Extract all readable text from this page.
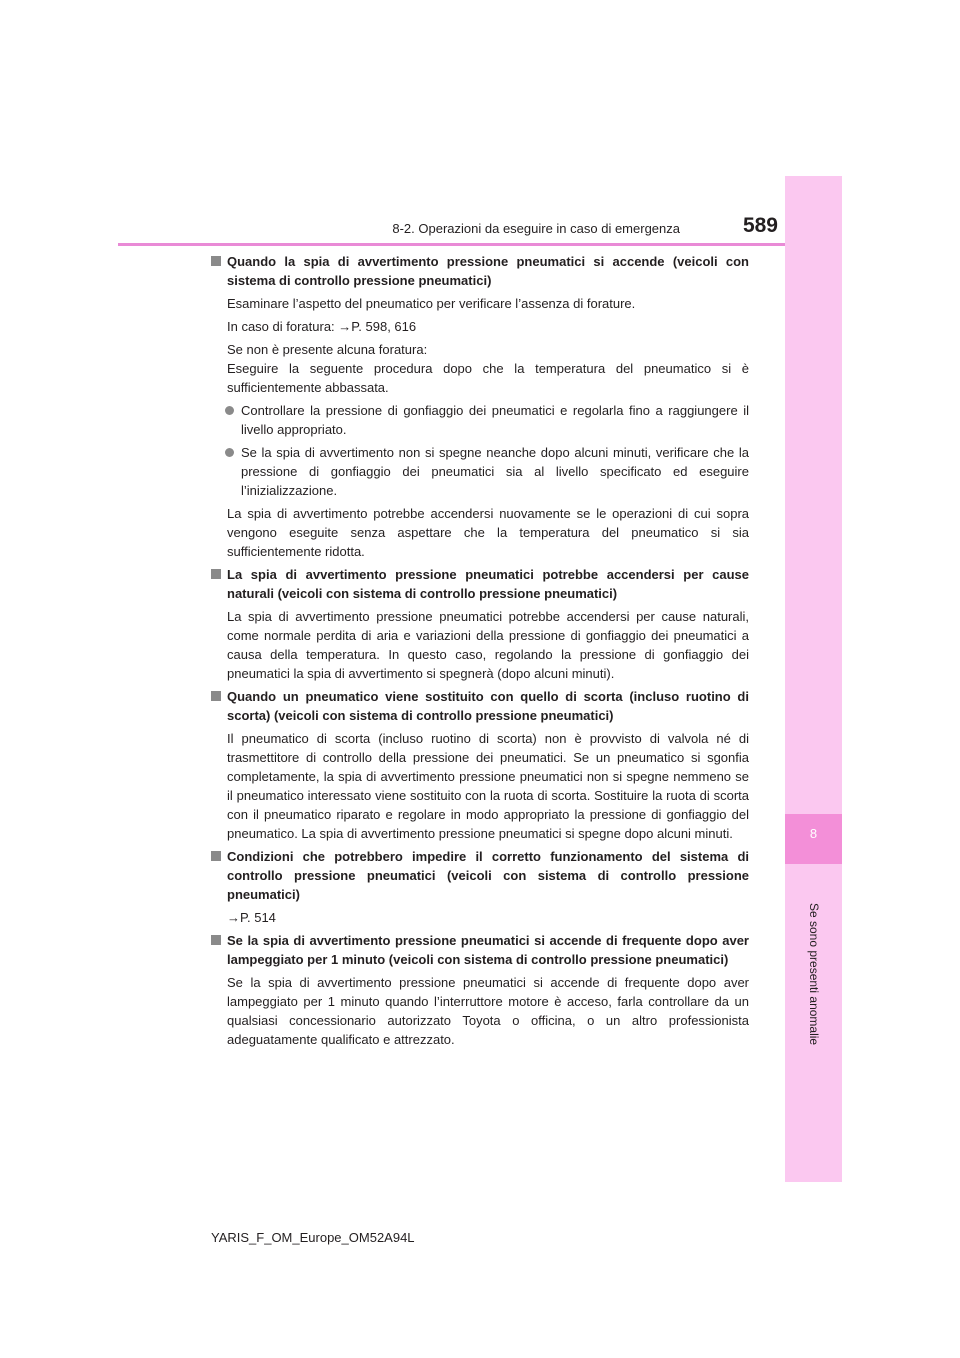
8
Se sono presenti anomalie
8-2. Operazioni da eseguire in caso di emergenza	589
Quando la spia di avvertimento pressione pneumatici si accende (veicoli con sistema di controllo pressione pneumatici)
Esaminare l’aspetto del pneumatico per verificare l’assenza di forature.
In caso di foratura: →P. 598, 616
Se non è presente alcuna foratura:
Eseguire la seguente procedura dopo che la temperatura del pneumatico si è sufficientemente abbassata.
Controllare la pressione di gonfiaggio dei pneumatici e regolarla fino a raggiungere il livello appropriato.
Se la spia di avvertimento non si spegne neanche dopo alcuni minuti, verificare che la pressione di gonfiaggio dei pneumatici sia al livello specificato ed eseguire l’inizializzazione.
La spia di avvertimento potrebbe accendersi nuovamente se le operazioni di cui sopra vengono eseguite senza aspettare che la temperatura del pneumatico si sia sufficientemente ridotta.
La spia di avvertimento pressione pneumatici potrebbe accendersi per cause naturali (veicoli con sistema di controllo pressione pneumatici)
La spia di avvertimento pressione pneumatici potrebbe accendersi per cause naturali, come normale perdita di aria e variazioni della pressione di gonfiaggio dei pneumatici a causa della temperatura. In questo caso, regolando la pressione di gonfiaggio dei pneumatici la spia di avvertimento si spegnerà (dopo alcuni minuti).
Quando un pneumatico viene sostituito con quello di scorta (incluso ruotino di scorta) (veicoli con sistema di controllo pressione pneumatici)
Il pneumatico di scorta (incluso ruotino di scorta) non è provvisto di valvola né di trasmettitore di controllo della pressione dei pneumatici. Se un pneumatico si sgonfia completamente, la spia di avvertimento pressione pneumatici non si spegne nemmeno se il pneumatico interessato viene sostituito con la ruota di scorta. Sostituire la ruota di scorta con il pneumatico riparato e regolare in modo appropriato la pressione di gonfiaggio del pneumatico. La spia di avvertimento pressione pneumatici si spegne dopo alcuni minuti.
Condizioni che potrebbero impedire il corretto funzionamento del sistema di controllo pressione pneumatici (veicoli con sistema di controllo pressione pneumatici)
→P. 514
Se la spia di avvertimento pressione pneumatici si accende di frequente dopo aver lampeggiato per 1 minuto (veicoli con sistema di controllo pressione pneumatici)
Se la spia di avvertimento pressione pneumatici si accende di frequente dopo aver lampeggiato per 1 minuto quando l’interruttore motore è acceso, farla controllare da un qualsiasi concessionario autorizzato Toyota o officina, o un altro professionista adeguatamente qualificato e attrezzato.
YARIS_F_OM_Europe_OM52A94L
